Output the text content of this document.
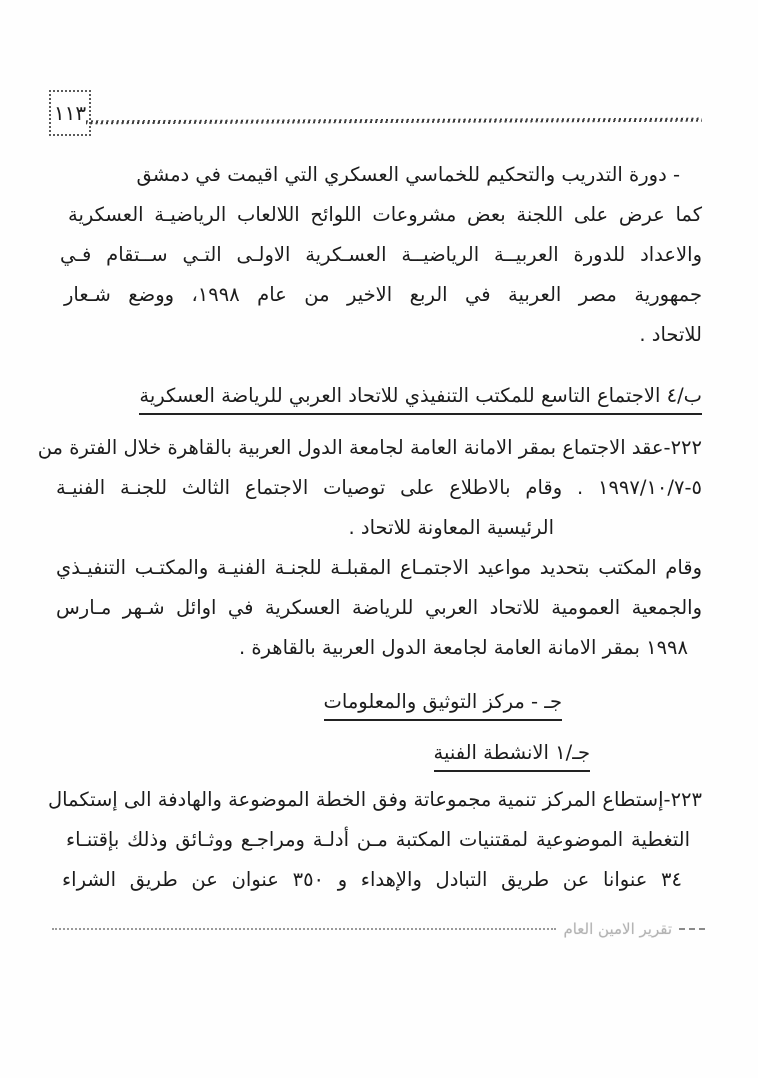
١١٣
- دورة التدريب والتحكيم للخماسي العسكري التي اقيمت في دمشق
كما عرض على اللجنة بعض مشروعات اللوائح اللالعاب الرياضيـة العسكرية
والاعداد للدورة العربيــة الرياضيــة العسـكرية الاولـى التـي ســتقام فـي
جمهورية مصر العربية في الربع الاخير من عام ١٩٩٨، ووضع شـعار
للاتحاد .
ب/٤ الاجتماع التاسع للمكتب التنفيذي للاتحاد العربي للرياضة العسكرية
٢٢٢-عقد الاجتماع بمقر الامانة العامة لجامعة الدول العربية بالقاهرة خلال الفترة من
٥-٧‏/‏١٠‏/‏١٩٩٧ . وقام بالاطلاع على توصيات الاجتماع الثالث للجنـة الفنيـة
الرئيسية المعاونة للاتحاد .
وقام المكتب بتحديد مواعيد الاجتمـاع المقبلـة للجنـة الفنيـة والمكتـب التنفيـذي
والجمعية العمومية للاتحاد العربي للرياضة العسكرية في اوائل شـهر مـارس
١٩٩٨ بمقر الامانة العامة لجامعة الدول العربية بالقاهرة .
جـ - مركز التوثيق والمعلومات
جـ/١ الانشطة الفنية
٢٢٣-إستطاع المركز تنمية مجموعاتة وفق الخطة الموضوعة والهادفة الى إستكمال
التغطية الموضوعية لمقتنيات المكتبة مـن أدلـة ومراجـع ووثـائق وذلك بإقتنـاء
٣٤ عنوانا عن طريق التبادل والإهداء و ٣٥٠ عنوان عن طريق الشراء
تقرير الامين العام
